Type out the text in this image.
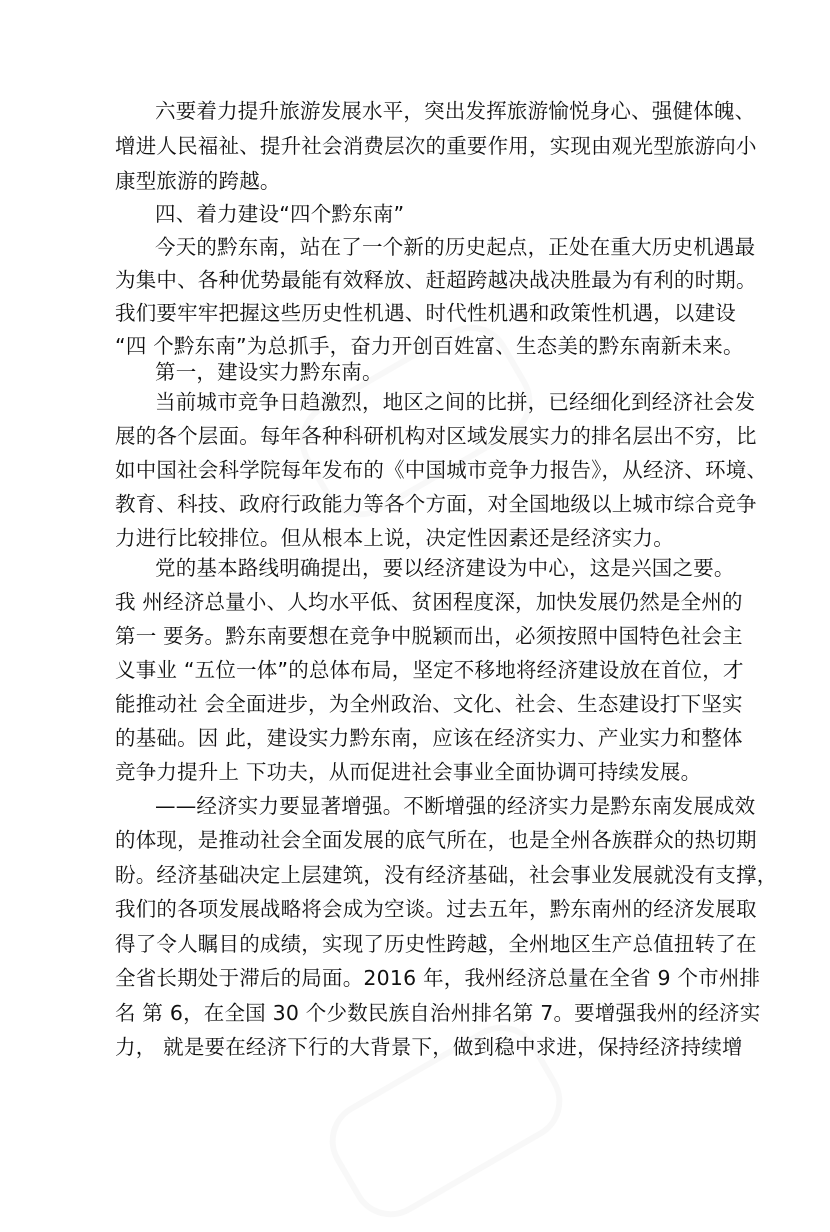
六要着力提升旅游发展水平，突出发挥旅游愉悦身心、强健体魄、
增进人民福祉、提升社会消费层次的重要作用，实现由观光型旅游向小
康型旅游的跨越。
四、着力建设“四个黔东南”
今天的黔东南，站在了一个新的历史起点，正处在重大历史机遇最
为集中、各种优势最能有效释放、赶超跨越决战决胜最为有利的时期。
我们要牢牢把握这些历史性机遇、时代性机遇和政策性机遇，以建设
“四 个黔东南”为总抓手，奋力开创百姓富、生态美的黔东南新未来。
第一，建设实力黔东南。
当前城市竞争日趋激烈，地区之间的比拼，已经细化到经济社会发
展的各个层面。每年各种科研机构对区域发展实力的排名层出不穷，比
如中国社会科学院每年发布的《中国城市竞争力报告》，从经济、环境、
教育、科技、政府行政能力等各个方面，对全国地级以上城市综合竞争
力进行比较排位。但从根本上说，决定性因素还是经济实力。
党的基本路线明确提出，要以经济建设为中心，这是兴国之要。
我 州经济总量小、人均水平低、贫困程度深，加快发展仍然是全州的
第一 要务。黔东南要想在竞争中脱颖而出，必须按照中国特色社会主
义事业 “五位一体”的总体布局，坚定不移地将经济建设放在首位，才
能推动社 会全面进步，为全州政治、文化、社会、生态建设打下坚实
的基础。因 此，建设实力黔东南，应该在经济实力、产业实力和整体
竞争力提升上 下功夫，从而促进社会事业全面协调可持续发展。
——经济实力要显著增强。不断增强的经济实力是黔东南发展成效
的体现，是推动社会全面发展的底气所在，也是全州各族群众的热切期
盼。经济基础决定上层建筑，没有经济基础，社会事业发展就没有支撑，
我们的各项发展战略将会成为空谈。过去五年，黔东南州的经济发展取
得了令人瞩目的成绩，实现了历史性跨越，全州地区生产总值扭转了在
全省长期处于滞后的局面。2016 年，我州经济总量在全省 9 个市州排
名 第 6，在全国 30 个少数民族自治州排名第 7。要增强我州的经济实
力， 就是要在经济下行的大背景下，做到稳中求进，保持经济持续增
